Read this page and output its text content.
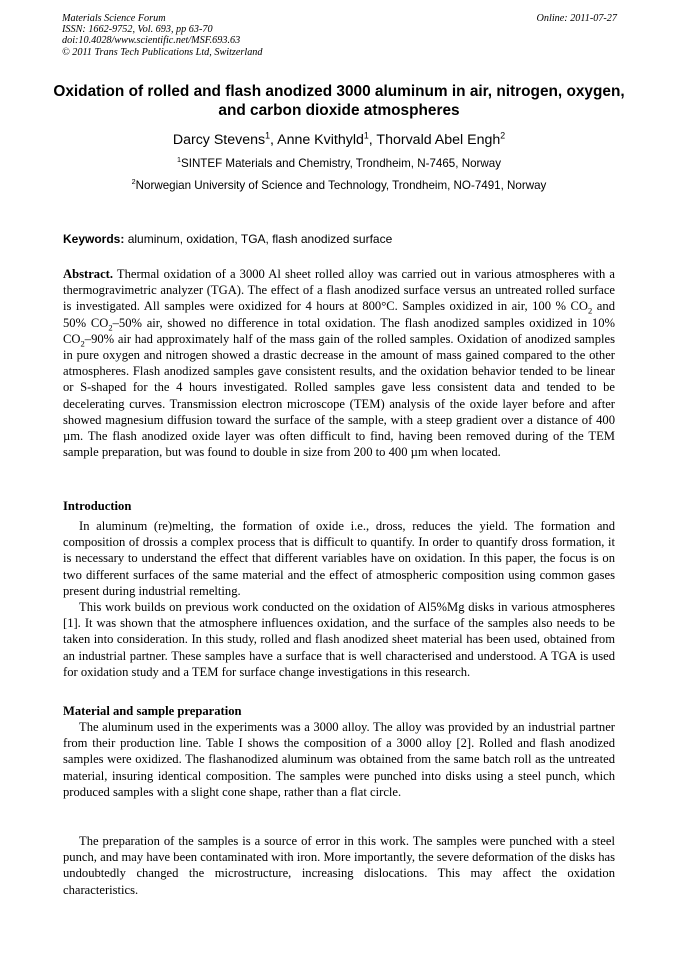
Materials Science Forum
ISSN: 1662-9752, Vol. 693, pp 63-70
doi:10.4028/www.scientific.net/MSF.693.63
© 2011 Trans Tech Publications Ltd, Switzerland
Online: 2011-07-27
Oxidation of rolled and flash anodized 3000 aluminum in air, nitrogen, oxygen, and carbon dioxide atmospheres
Darcy Stevens$^1$, Anne Kvithyld$^1$, Thorvald Abel Engh$^2$
$^1$SINTEF Materials and Chemistry, Trondheim, N-7465, Norway
$^2$Norwegian University of Science and Technology, Trondheim, NO-7491, Norway
Keywords: aluminum, oxidation, TGA, flash anodized surface

Abstract. Thermal oxidation of a 3000 Al sheet rolled alloy was carried out in various atmospheres with a thermogravimetric analyzer (TGA). The effect of a flash anodized surface versus an untreated rolled surface is investigated. All samples were oxidized for 4 hours at 800°C. Samples oxidized in air, 100 % $CO_2$ and 50% $CO_2-50\%$ air, showed no difference in total oxidation. The flash anodized samples oxidized in 10% $CO_2-90\%$ air had approximately half of the mass gain of the rolled samples. Oxidation of anodized samples in pure oxygen and nitrogen showed a drastic decrease in the amount of mass gained compared to the other atmospheres. Flash anodized samples gave consistent results, and the oxidation behavior tended to be linear or S-shaped for the 4 hours investigated. Rolled samples gave less consistent data and tended to be decelerating curves. Transmission electron microscope (TEM) analysis of the oxide layer before and after showed magnesium diffusion toward the surface of the sample, with a steep gradient over a distance of 400 µm. The flash anodized oxide layer was often difficult to find, having been removed during of the TEM sample preparation, but was found to double in size from 200 to 400 µm when located.

Introduction

In aluminum (re)melting, the formation of oxide i.e., dross, reduces the yield. The formation and composition of drossis a complex process that is difficult to quantify. In order to quantify dross formation, it is necessary to understand the effect that different variables have on oxidation. In this paper, the focus is on two different surfaces of the same material and the effect of atmospheric composition using common gases present during industrial remelting.

This work builds on previous work conducted on the oxidation of Al5%Mg disks in various atmospheres [1]. It was shown that the atmosphere influences oxidation, and the surface of the samples also needs to be taken into consideration. In this study, rolled and flash anodized sheet material has been used, obtained from an industrial partner. These samples have a surface that is well characterised and understood. A TGA is used for oxidation study and a TEM for surface change investigations in this research.

Material and sample preparation

The aluminum used in the experiments was a 3000 alloy. The alloy was provided by an industrial partner from their production line. Table I shows the composition of a 3000 alloy [2]. Rolled and flash anodized samples were oxidized. The flashanodized aluminum was obtained from the same batch roll as the untreated material, insuring identical composition. The samples were punched into disks using a steel punch, which produced samples with a slight cone shape, rather than a flat circle.

The preparation of the samples is a source of error in this work. The samples were punched with a steel punch, and may have been contaminated with iron. More importantly, the severe deformation of the disks has undoubtedly changed the microstructure, increasing dislocations. This may affect the oxidation characteristics.
